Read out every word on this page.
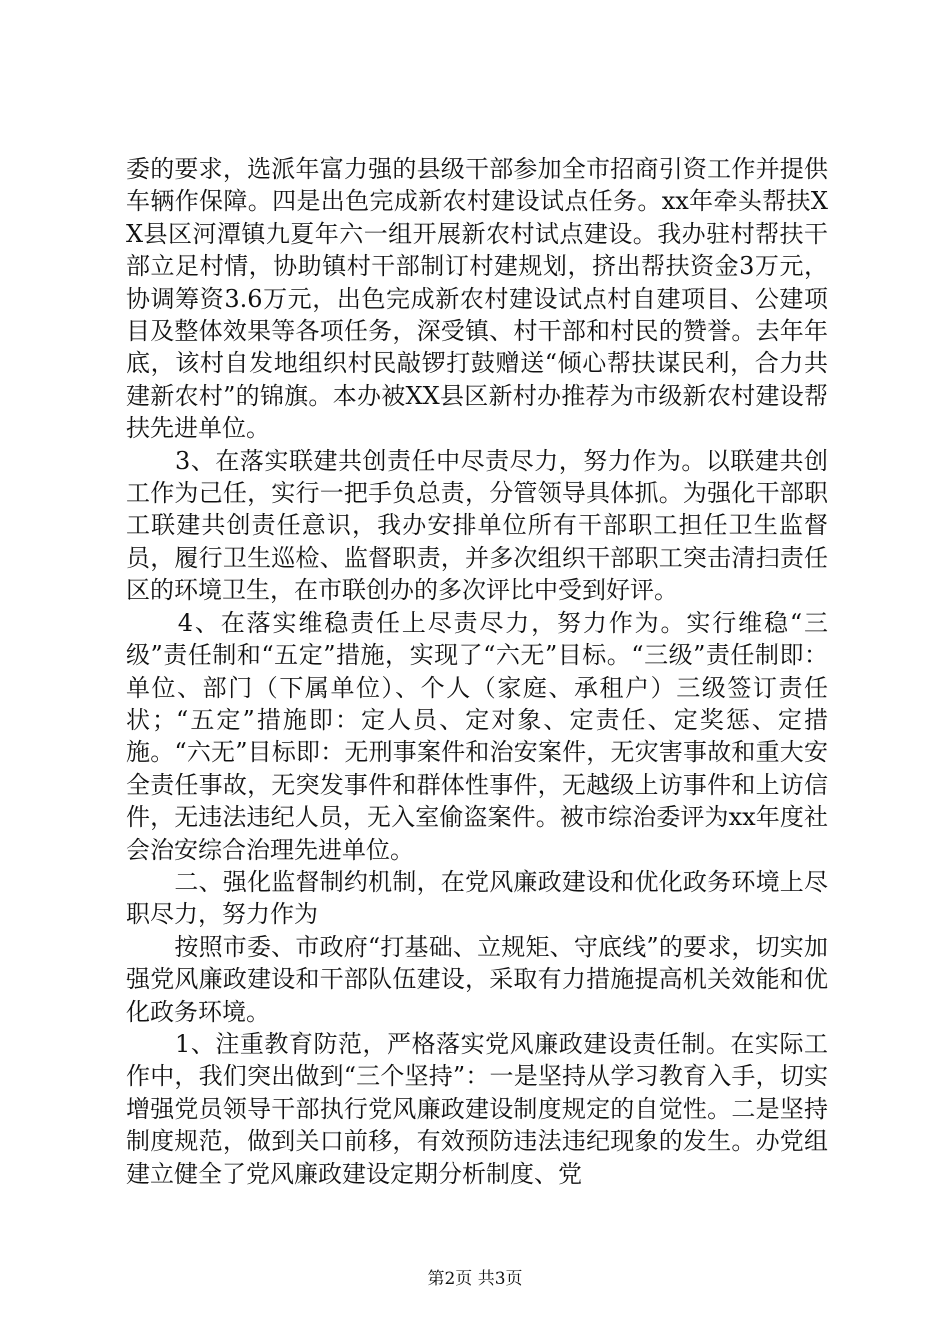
委的要求，选派年富力强的县级干部参加全市招商引资工作并提供车辆作保障。四是出色完成新农村建设试点任务。xx年牵头帮扶XX县区河潭镇九夏年六一组开展新农村试点建设。我办驻村帮扶干部立足村情，协助镇村干部制订村建规划，挤出帮扶资金3万元，协调筹资3.6万元，出色完成新农村建设试点村自建项目、公建项目及整体效果等各项任务，深受镇、村干部和村民的赞誉。去年年底，该村自发地组织村民敲锣打鼓赠送“倾心帮扶谋民利，合力共建新农村”的锦旗。本办被XX县区新村办推荐为市级新农村建设帮扶先进单位。

　　3、在落实联建共创责任中尽责尽力，努力作为。以联建共创工作为己任，实行一把手负总责，分管领导具体抓。为强化干部职工联建共创责任意识，我办安排单位所有干部职工担任卫生监督员，履行卫生巡检、监督职责，并多次组织干部职工突击清扫责任区的环境卫生，在市联创办的多次评比中受到好评。

　　4、在落实维稳责任上尽责尽力，努力作为。实行维稳“三级”责任制和“五定”措施，实现了“六无”目标。“三级”责任制即：单位、部门（下属单位）、个人（家庭、承租户）三级签订责任状；“五定”措施即：定人员、定对象、定责任、定奖惩、定措施。“六无”目标即：无刑事案件和治安案件，无灾害事故和重大安全责任事故，无突发事件和群体性事件，无越级上访事件和上访信件，无违法违纪人员，无入室偷盗案件。被市综治委评为xx年度社会治安综合治理先进单位。

　　二、强化监督制约机制，在党风廉政建设和优化政务环境上尽职尽力，努力作为

　　按照市委、市政府“打基础、立规矩、守底线”的要求，切实加强党风廉政建设和干部队伍建设，采取有力措施提高机关效能和优化政务环境。

　　1、注重教育防范，严格落实党风廉政建设责任制。在实际工作中，我们突出做到“三个坚持”：一是坚持从学习教育入手，切实增强党员领导干部执行党风廉政建设制度规定的自觉性。二是坚持制度规范，做到关口前移，有效预防违法违纪现象的发生。办党组建立健全了党风廉政建设定期分析制度、党

第2页 共3页
